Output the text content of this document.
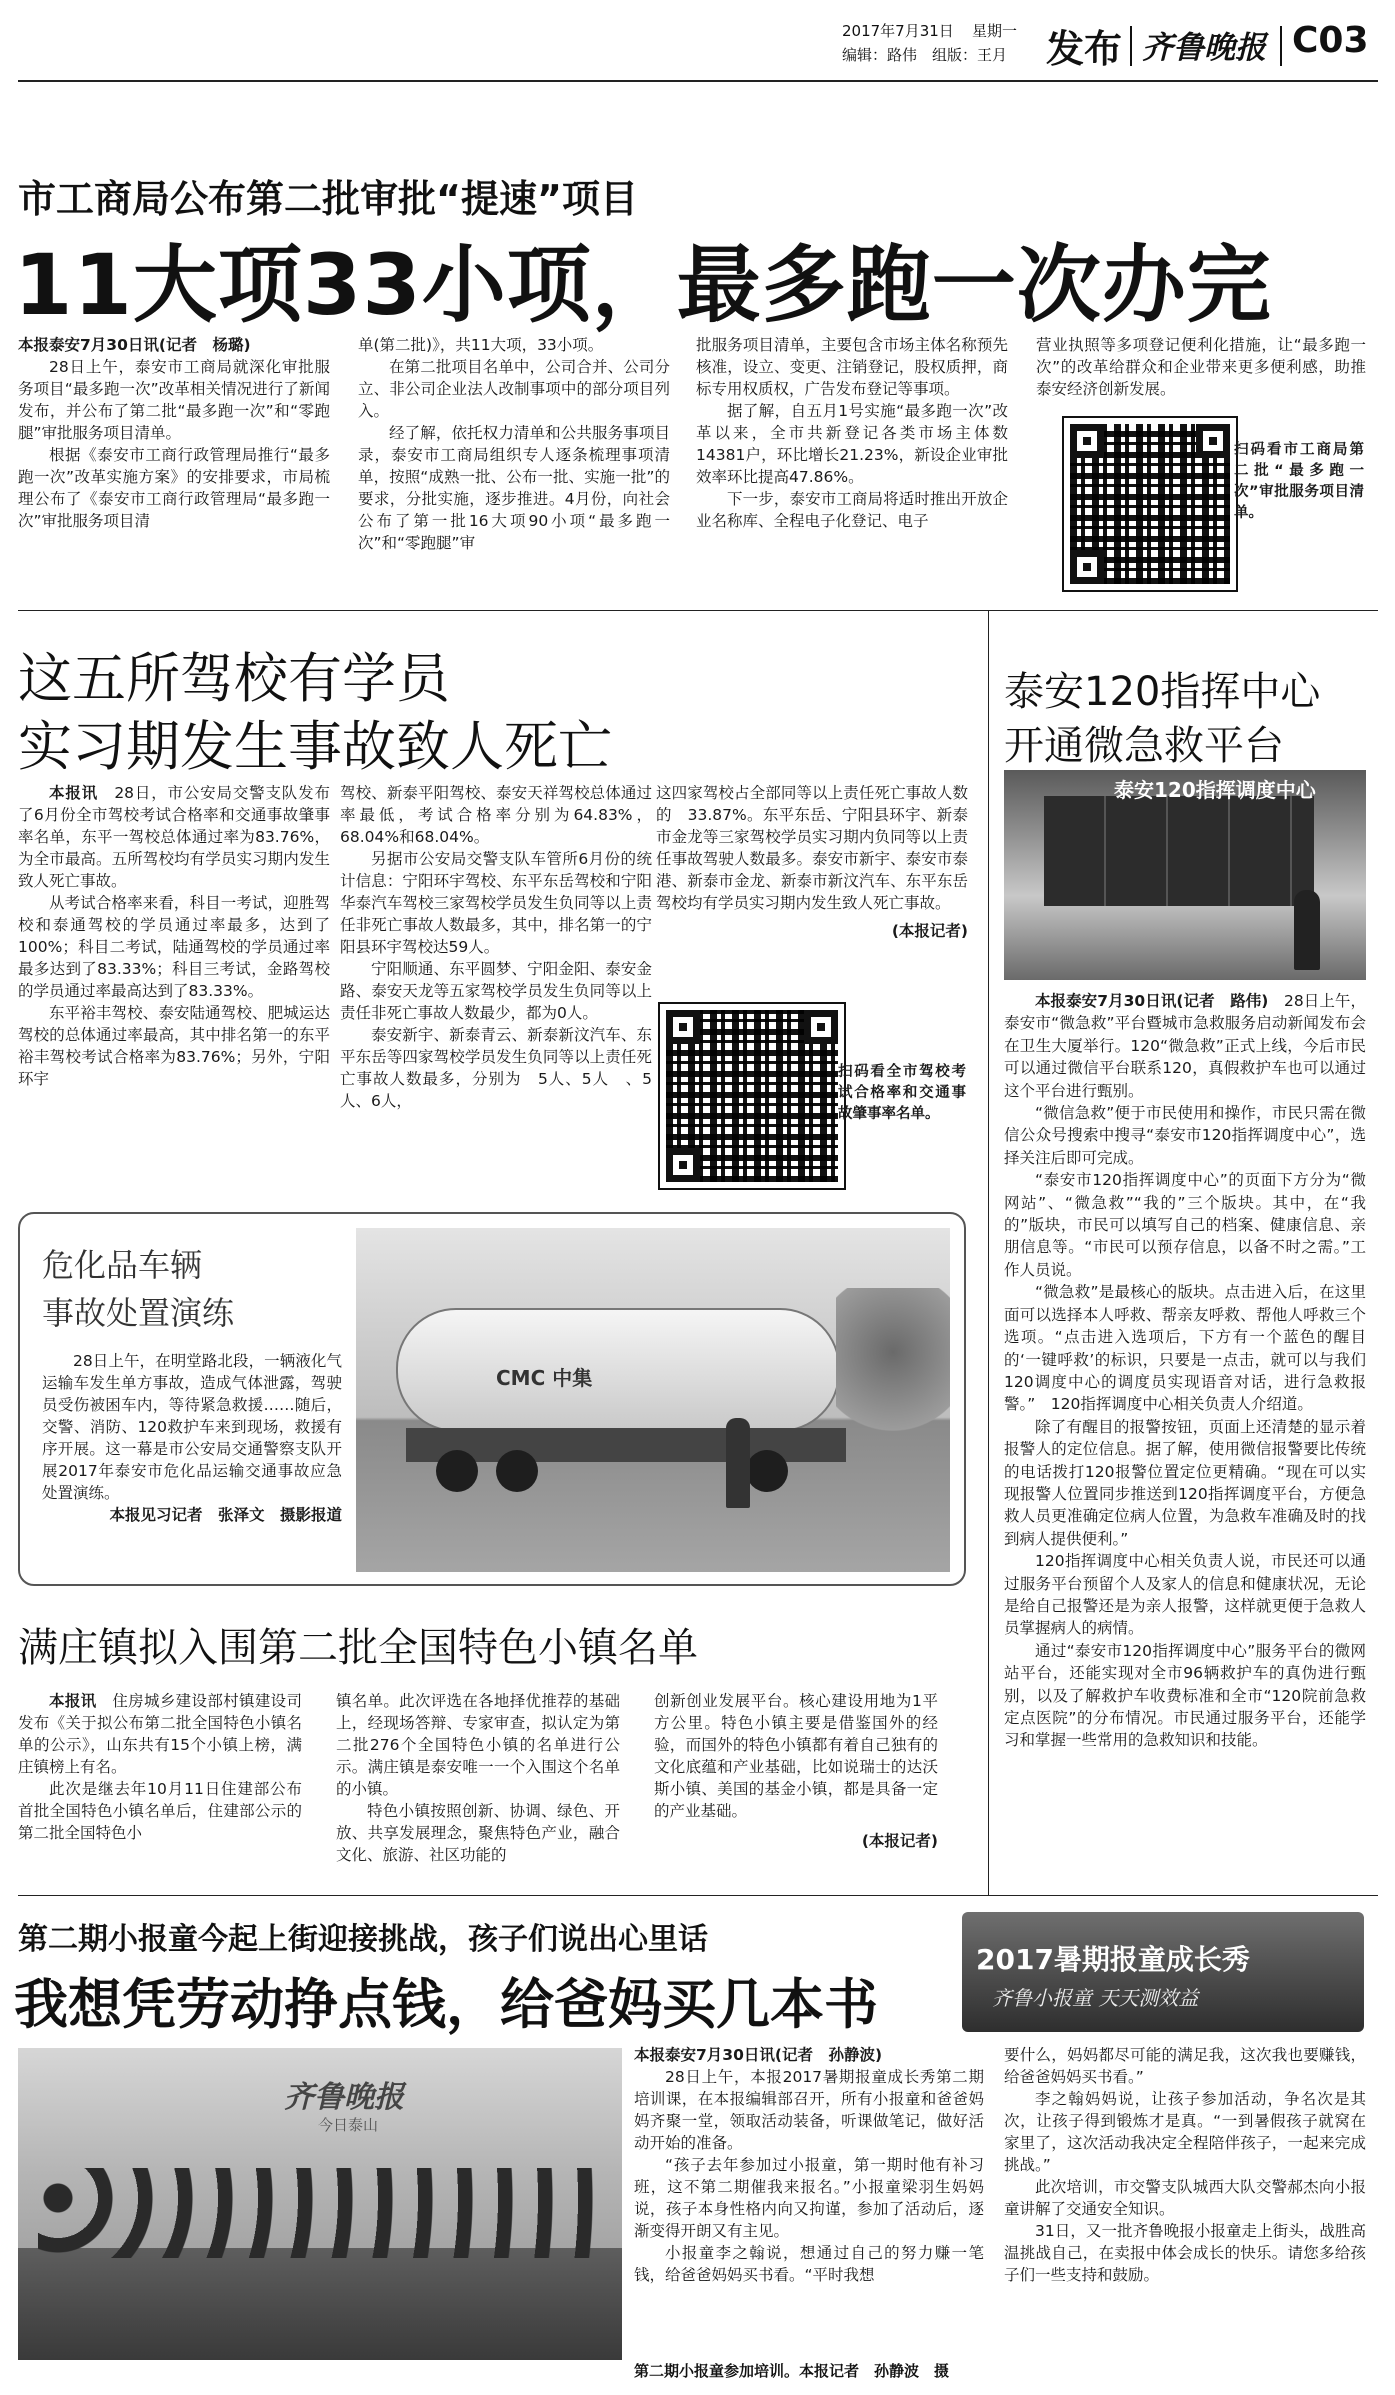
2017年7月31日 星期一
编辑：路伟　组版：王月 发布 齐鲁晚报 C03
市工商局公布第二批审批“提速”项目
11大项33小项，最多跑一次办完

本报泰安7月30日讯(记者　杨璐)

28日上午，泰安市工商局就深化审批服务项目“最多跑一次”改革相关情况进行了新闻发布，并公布了第二批“最多跑一次”和“零跑腿”审批服务项目清单。

根据《泰安市工商行政管理局推行“最多跑一次”改革实施方案》的安排要求，市局梳理公布了《泰安市工商行政管理局“最多跑一次”审批服务项目清

单(第二批)》，共11大项，33小项。

在第二批项目名单中，公司合并、公司分立、非公司企业法人改制事项中的部分项目列入。

经了解，依托权力清单和公共服务事项目录，泰安市工商局组织专人逐条梳理事项清单，按照“成熟一批、公布一批、实施一批”的要求，分批实施，逐步推进。4月份，向社会公布了第一批16大项90小项“最多跑一次”和“零跑腿”审

批服务项目清单，主要包含市场主体名称预先核准，设立、变更、注销登记，股权质押，商标专用权质权，广告发布登记等事项。

据了解，自五月1号实施“最多跑一次”改革以来，全市共新登记各类市场主体数14381户，环比增长21.23%，新设企业审批效率环比提高47.86%。

下一步，泰安市工商局将适时推出开放企业名称库、全程电子化登记、电子

营业执照等多项登记便利化措施，让“最多跑一次”的改革给群众和企业带来更多便利感，助推泰安经济创新发展。

扫码看市工商局第二批“最多跑一次”审批服务项目清单。
这五所驾校有学员
实习期发生事故致人死亡

本报讯　 28日，市公安局交警支队发布了6月份全市驾校考试合格率和交通事故肇事率名单，东平一驾校总体通过率为83.76%，为全市最高。五所驾校均有学员实习期内发生致人死亡事故。

从考试合格率来看，科目一考试，迎胜驾校和泰通驾校的学员通过率最多，达到了100%；科目二考试，陆通驾校的学员通过率最多达到了83.33%；科目三考试，金路驾校的学员通过率最高达到了83.33%。

东平裕丰驾校、泰安陆通驾校、肥城运达驾校的总体通过率最高，其中排名第一的东平裕丰驾校考试合格率为83.76%；另外，宁阳环宇

驾校、新泰平阳驾校、泰安天祥驾校总体通过率最低，考试合格率分别为64.83%，68.04%和68.04%。

另据市公安局交警支队车管所6月份的统计信息：宁阳环宇驾校、东平东岳驾校和宁阳华泰汽车驾校三家驾校学员发生负同等以上责任非死亡事故人数最多，其中，排名第一的宁阳县环宇驾校达59人。

宁阳顺通、东平圆梦、宁阳金阳、泰安金路、泰安天龙等五家驾校学员发生负同等以上责任非死亡事故人数最少，都为0人。

泰安新宇、新泰青云、新泰新汶汽车、东平东岳等四家驾校学员发生负同等以上责任死亡事故人数最多，分别为　5人、5人　、5人、6人，

这四家驾校占全部同等以上责任死亡事故人数的　33.87%。东平东岳、宁阳县环宇、新泰市金龙等三家驾校学员实习期内负同等以上责任事故驾驶人数最多。泰安市新宇、泰安市泰港、新泰市金龙、新泰市新汶汽车、东平东岳驾校均有学员实习期内发生致人死亡事故。

(本报记者)
扫码看全市驾校考试合格率和交通事故肇事率名单。
泰安120指挥中心
开通微急救平台
泰安120指挥调度中心

本报泰安7月30日讯(记者　路伟)　 28日上午，泰安市“微急救”平台暨城市急救服务启动新闻发布会在卫生大厦举行。120“微急救”正式上线，今后市民可以通过微信平台联系120，真假救护车也可以通过这个平台进行甄别。

“微信急救”便于市民使用和操作，市民只需在微信公众号搜索中搜寻“泰安市120指挥调度中心”，选择关注后即可完成。

“泰安市120指挥调度中心”的页面下方分为“微网站”、“微急救”“我的”三个版块。其中，在“我的”版块，市民可以填写自己的档案、健康信息、亲朋信息等。“市民可以预存信息，以备不时之需。”工作人员说。

“微急救”是最核心的版块。点击进入后，在这里面可以选择本人呼救、帮亲友呼救、帮他人呼救三个选项。“点击进入选项后，下方有一个蓝色的醒目的‘一键呼救’的标识，只要是一点击，就可以与我们120调度中心的调度员实现语音对话，进行急救报警。”　120指挥调度中心相关负责人介绍道。

除了有醒目的报警按钮，页面上还清楚的显示着报警人的定位信息。据了解，使用微信报警要比传统的电话拨打120报警位置定位更精确。“现在可以实现报警人位置同步推送到120指挥调度平台，方便急救人员更准确定位病人位置，为急救车准确及时的找到病人提供便利。”

120指挥调度中心相关负责人说，市民还可以通过服务平台预留个人及家人的信息和健康状况，无论是给自己报警还是为亲人报警，这样就更便于急救人员掌握病人的病情。

通过“泰安市120指挥调度中心”服务平台的微网站平台，还能实现对全市96辆救护车的真伪进行甄别，以及了解救护车收费标准和全市“120院前急救定点医院”的分布情况。市民通过服务平台，还能学习和掌握一些常用的急救知识和技能。

危化品车辆
事故处置演练

28日上午，在明堂路北段，一辆液化气运输车发生单方事故，造成气体泄露，驾驶员受伤被困车内，等待紧急救援……随后，交警、消防、120救护车来到现场，救援有序开展。这一幕是市公安局交通警察支队开展2017年泰安市危化品运输交通事故应急处置演练。

本报见习记者　张泽文　摄影报道

CMC 中集
满庄镇拟入围第二批全国特色小镇名单

本报讯　 住房城乡建设部村镇建设司发布《关于拟公布第二批全国特色小镇名单的公示》，山东共有15个小镇上榜，满庄镇榜上有名。

此次是继去年10月11日住建部公布首批全国特色小镇名单后，住建部公示的第二批全国特色小

镇名单。此次评选在各地择优推荐的基础上，经现场答辩、专家审查，拟认定为第二批276个全国特色小镇的名单进行公示。满庄镇是泰安唯一一个入围这个名单的小镇。

特色小镇按照创新、协调、绿色、开放、共享发展理念，聚焦特色产业，融合文化、旅游、社区功能的

创新创业发展平台。核心建设用地为1平方公里。特色小镇主要是借鉴国外的经验，而国外的特色小镇都有着自己独有的文化底蕴和产业基础，比如说瑞士的达沃斯小镇、美国的基金小镇，都是具备一定的产业基础。

(本报记者)
第二期小报童今起上街迎接挑战，孩子们说出心里话
我想凭劳动挣点钱，给爸妈买几本书
2017暑期报童成长秀
齐鲁小报童 天天测效益
齐鲁晚报
今日泰山
第二期小报童参加培训。本报记者　孙静波　摄

本报泰安7月30日讯(记者　孙静波)

28日上午，本报2017暑期报童成长秀第二期培训课，在本报编辑部召开，所有小报童和爸爸妈妈齐聚一堂，领取活动装备，听课做笔记，做好活动开始的准备。

“孩子去年参加过小报童，第一期时他有补习班，这不第二期催我来报名。”小报童梁羽生妈妈说，孩子本身性格内向又拘谨，参加了活动后，逐渐变得开朗又有主见。

小报童李之翰说，想通过自己的努力赚一笔钱，给爸爸妈妈买书看。“平时我想

要什么，妈妈都尽可能的满足我，这次我也要赚钱，给爸爸妈妈买书看。”

李之翰妈妈说，让孩子参加活动，争名次是其次，让孩子得到锻炼才是真。“一到暑假孩子就窝在家里了，这次活动我决定全程陪伴孩子，一起来完成挑战。”

此次培训，市交警支队城西大队交警郝杰向小报童讲解了交通安全知识。

31日，又一批齐鲁晚报小报童走上街头，战胜高温挑战自己，在卖报中体会成长的快乐。请您多给孩子们一些支持和鼓励。
